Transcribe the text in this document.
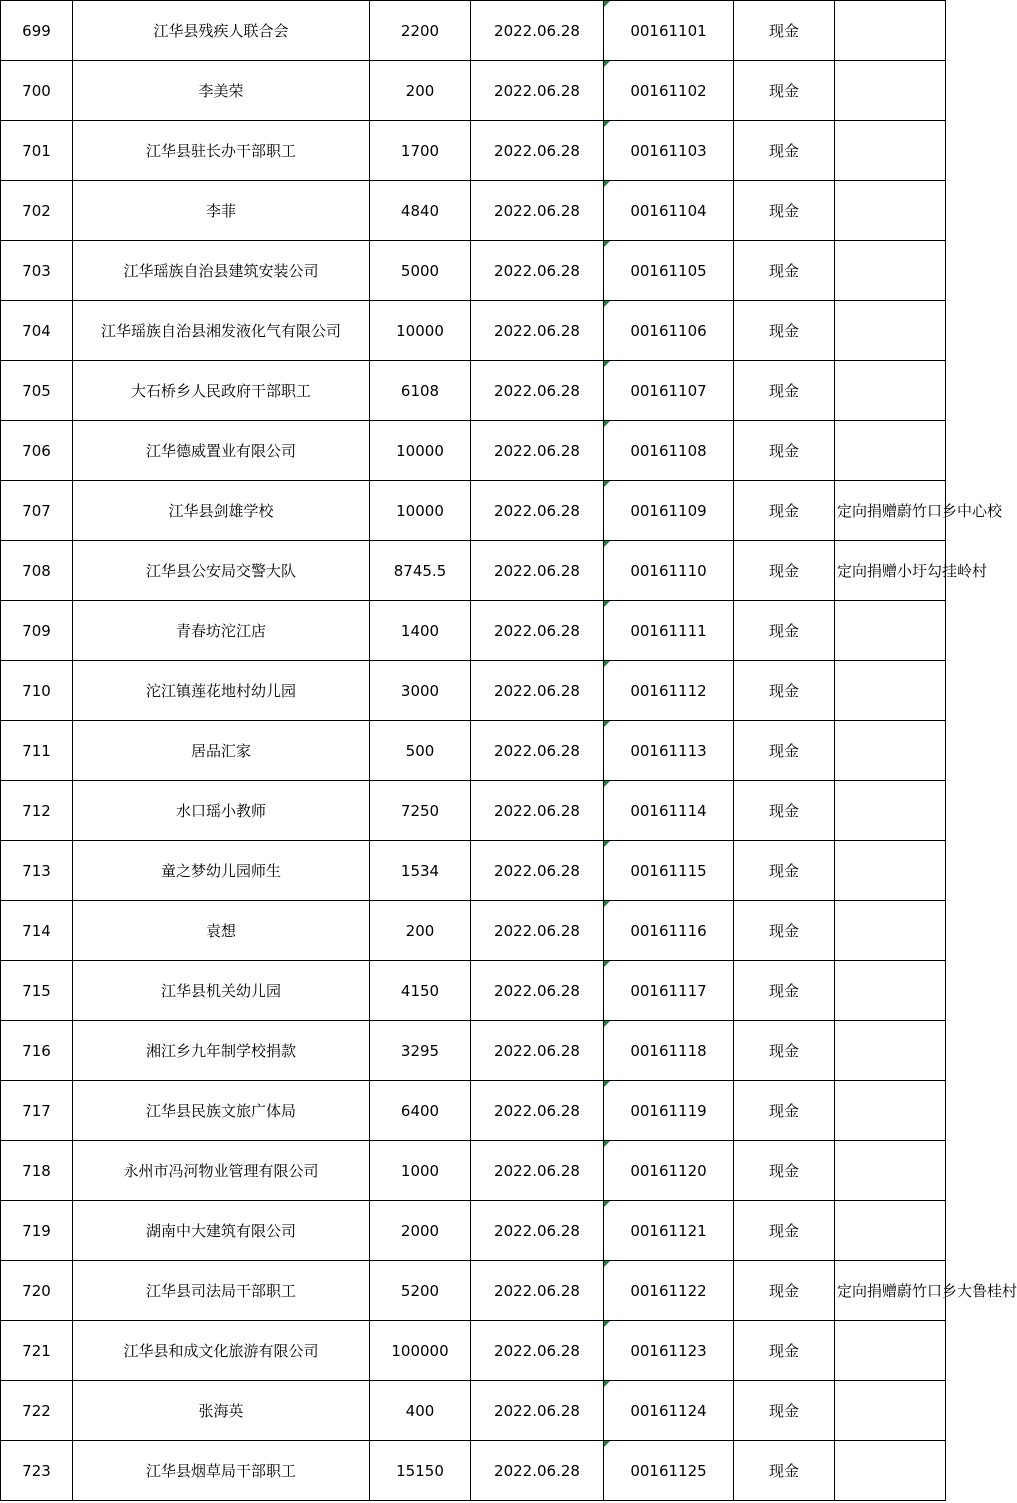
699	江华县残疾人联合会	2200	2022.06.28	00161101	现金	
700	李美荣	200	2022.06.28	00161102	现金	
701	江华县驻长办干部职工	1700	2022.06.28	00161103	现金	
702	李菲	4840	2022.06.28	00161104	现金	
703	江华瑶族自治县建筑安装公司	5000	2022.06.28	00161105	现金	
704	江华瑶族自治县湘发液化气有限公司	10000	2022.06.28	00161106	现金	
705	大石桥乡人民政府干部职工	6108	2022.06.28	00161107	现金	
706	江华德威置业有限公司	10000	2022.06.28	00161108	现金	
707	江华县剑雄学校	10000	2022.06.28	00161109	现金	定向捐赠蔚竹口乡中心校
708	江华县公安局交警大队	8745.5	2022.06.28	00161110	现金	定向捐赠小圩勾挂岭村
709	青春坊沱江店	1400	2022.06.28	00161111	现金	
710	沱江镇莲花地村幼儿园	3000	2022.06.28	00161112	现金	
711	居品汇家	500	2022.06.28	00161113	现金	
712	水口瑶小教师	7250	2022.06.28	00161114	现金	
713	童之梦幼儿园师生	1534	2022.06.28	00161115	现金	
714	袁想	200	2022.06.28	00161116	现金	
715	江华县机关幼儿园	4150	2022.06.28	00161117	现金	
716	湘江乡九年制学校捐款	3295	2022.06.28	00161118	现金	
717	江华县民族文旅广体局	6400	2022.06.28	00161119	现金	
718	永州市冯河物业管理有限公司	1000	2022.06.28	00161120	现金	
719	湖南中大建筑有限公司	2000	2022.06.28	00161121	现金	
720	江华县司法局干部职工	5200	2022.06.28	00161122	现金	定向捐赠蔚竹口乡大鲁桂村
721	江华县和成文化旅游有限公司	100000	2022.06.28	00161123	现金	
722	张海英	400	2022.06.28	00161124	现金	
723	江华县烟草局干部职工	15150	2022.06.28	00161125	现金	
